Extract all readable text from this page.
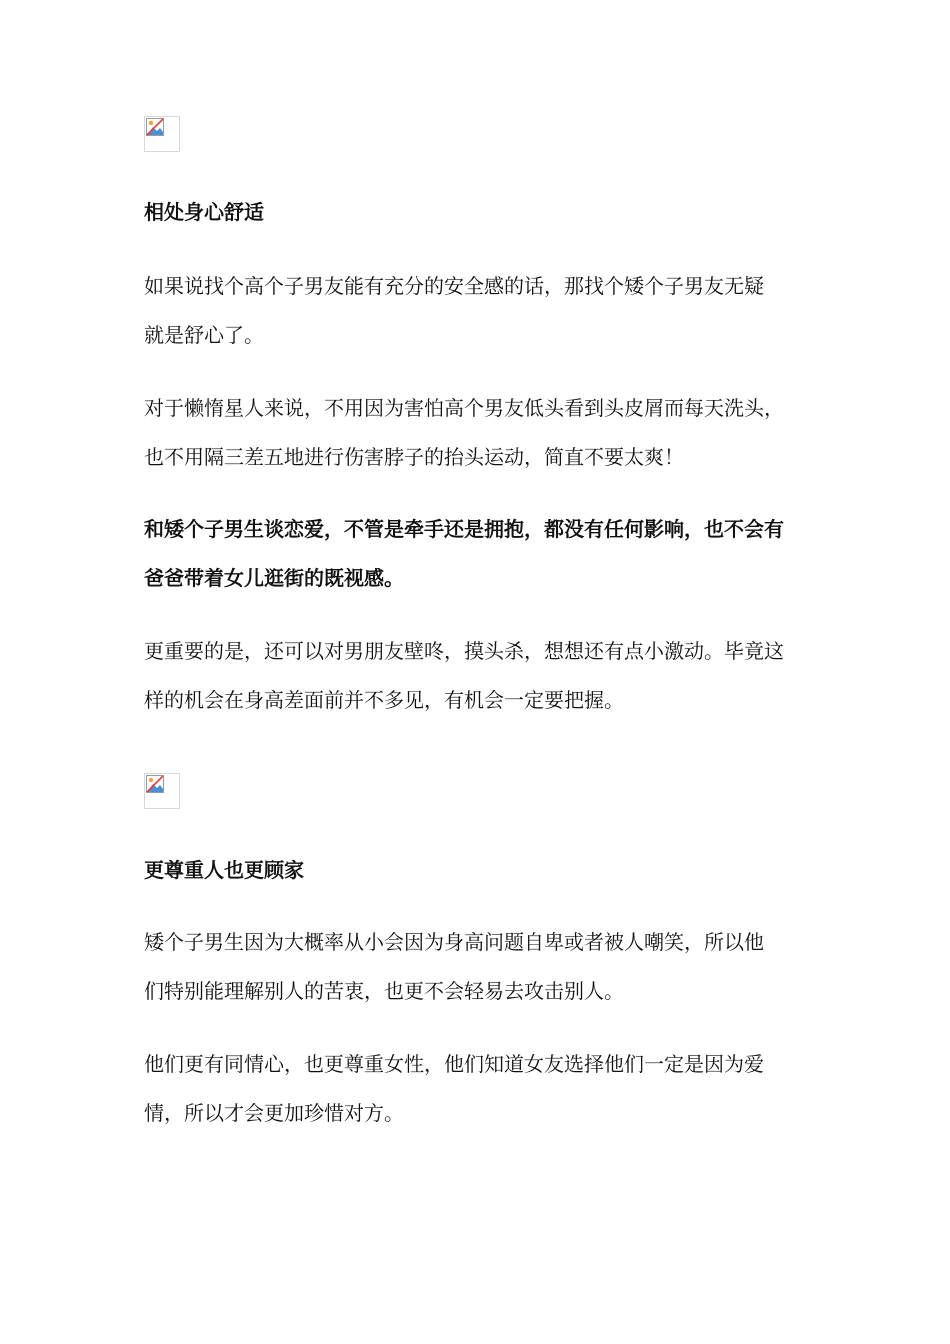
相处身心舒适
如果说找个高个子男友能有充分的安全感的话，那找个矮个子男友无疑
就是舒心了。
对于懒惰星人来说，不用因为害怕高个男友低头看到头皮屑而每天洗头，
也不用隔三差五地进行伤害脖子的抬头运动，简直不要太爽！
和矮个子男生谈恋爱，不管是牵手还是拥抱，都没有任何影响，也不会有
爸爸带着女儿逛街的既视感。
更重要的是，还可以对男朋友壁咚，摸头杀，想想还有点小激动。毕竟这
样的机会在身高差面前并不多见，有机会一定要把握。
更尊重人也更顾家
矮个子男生因为大概率从小会因为身高问题自卑或者被人嘲笑，所以他
们特别能理解别人的苦衷，也更不会轻易去攻击别人。
他们更有同情心，也更尊重女性，他们知道女友选择他们一定是因为爱
情，所以才会更加珍惜对方。
